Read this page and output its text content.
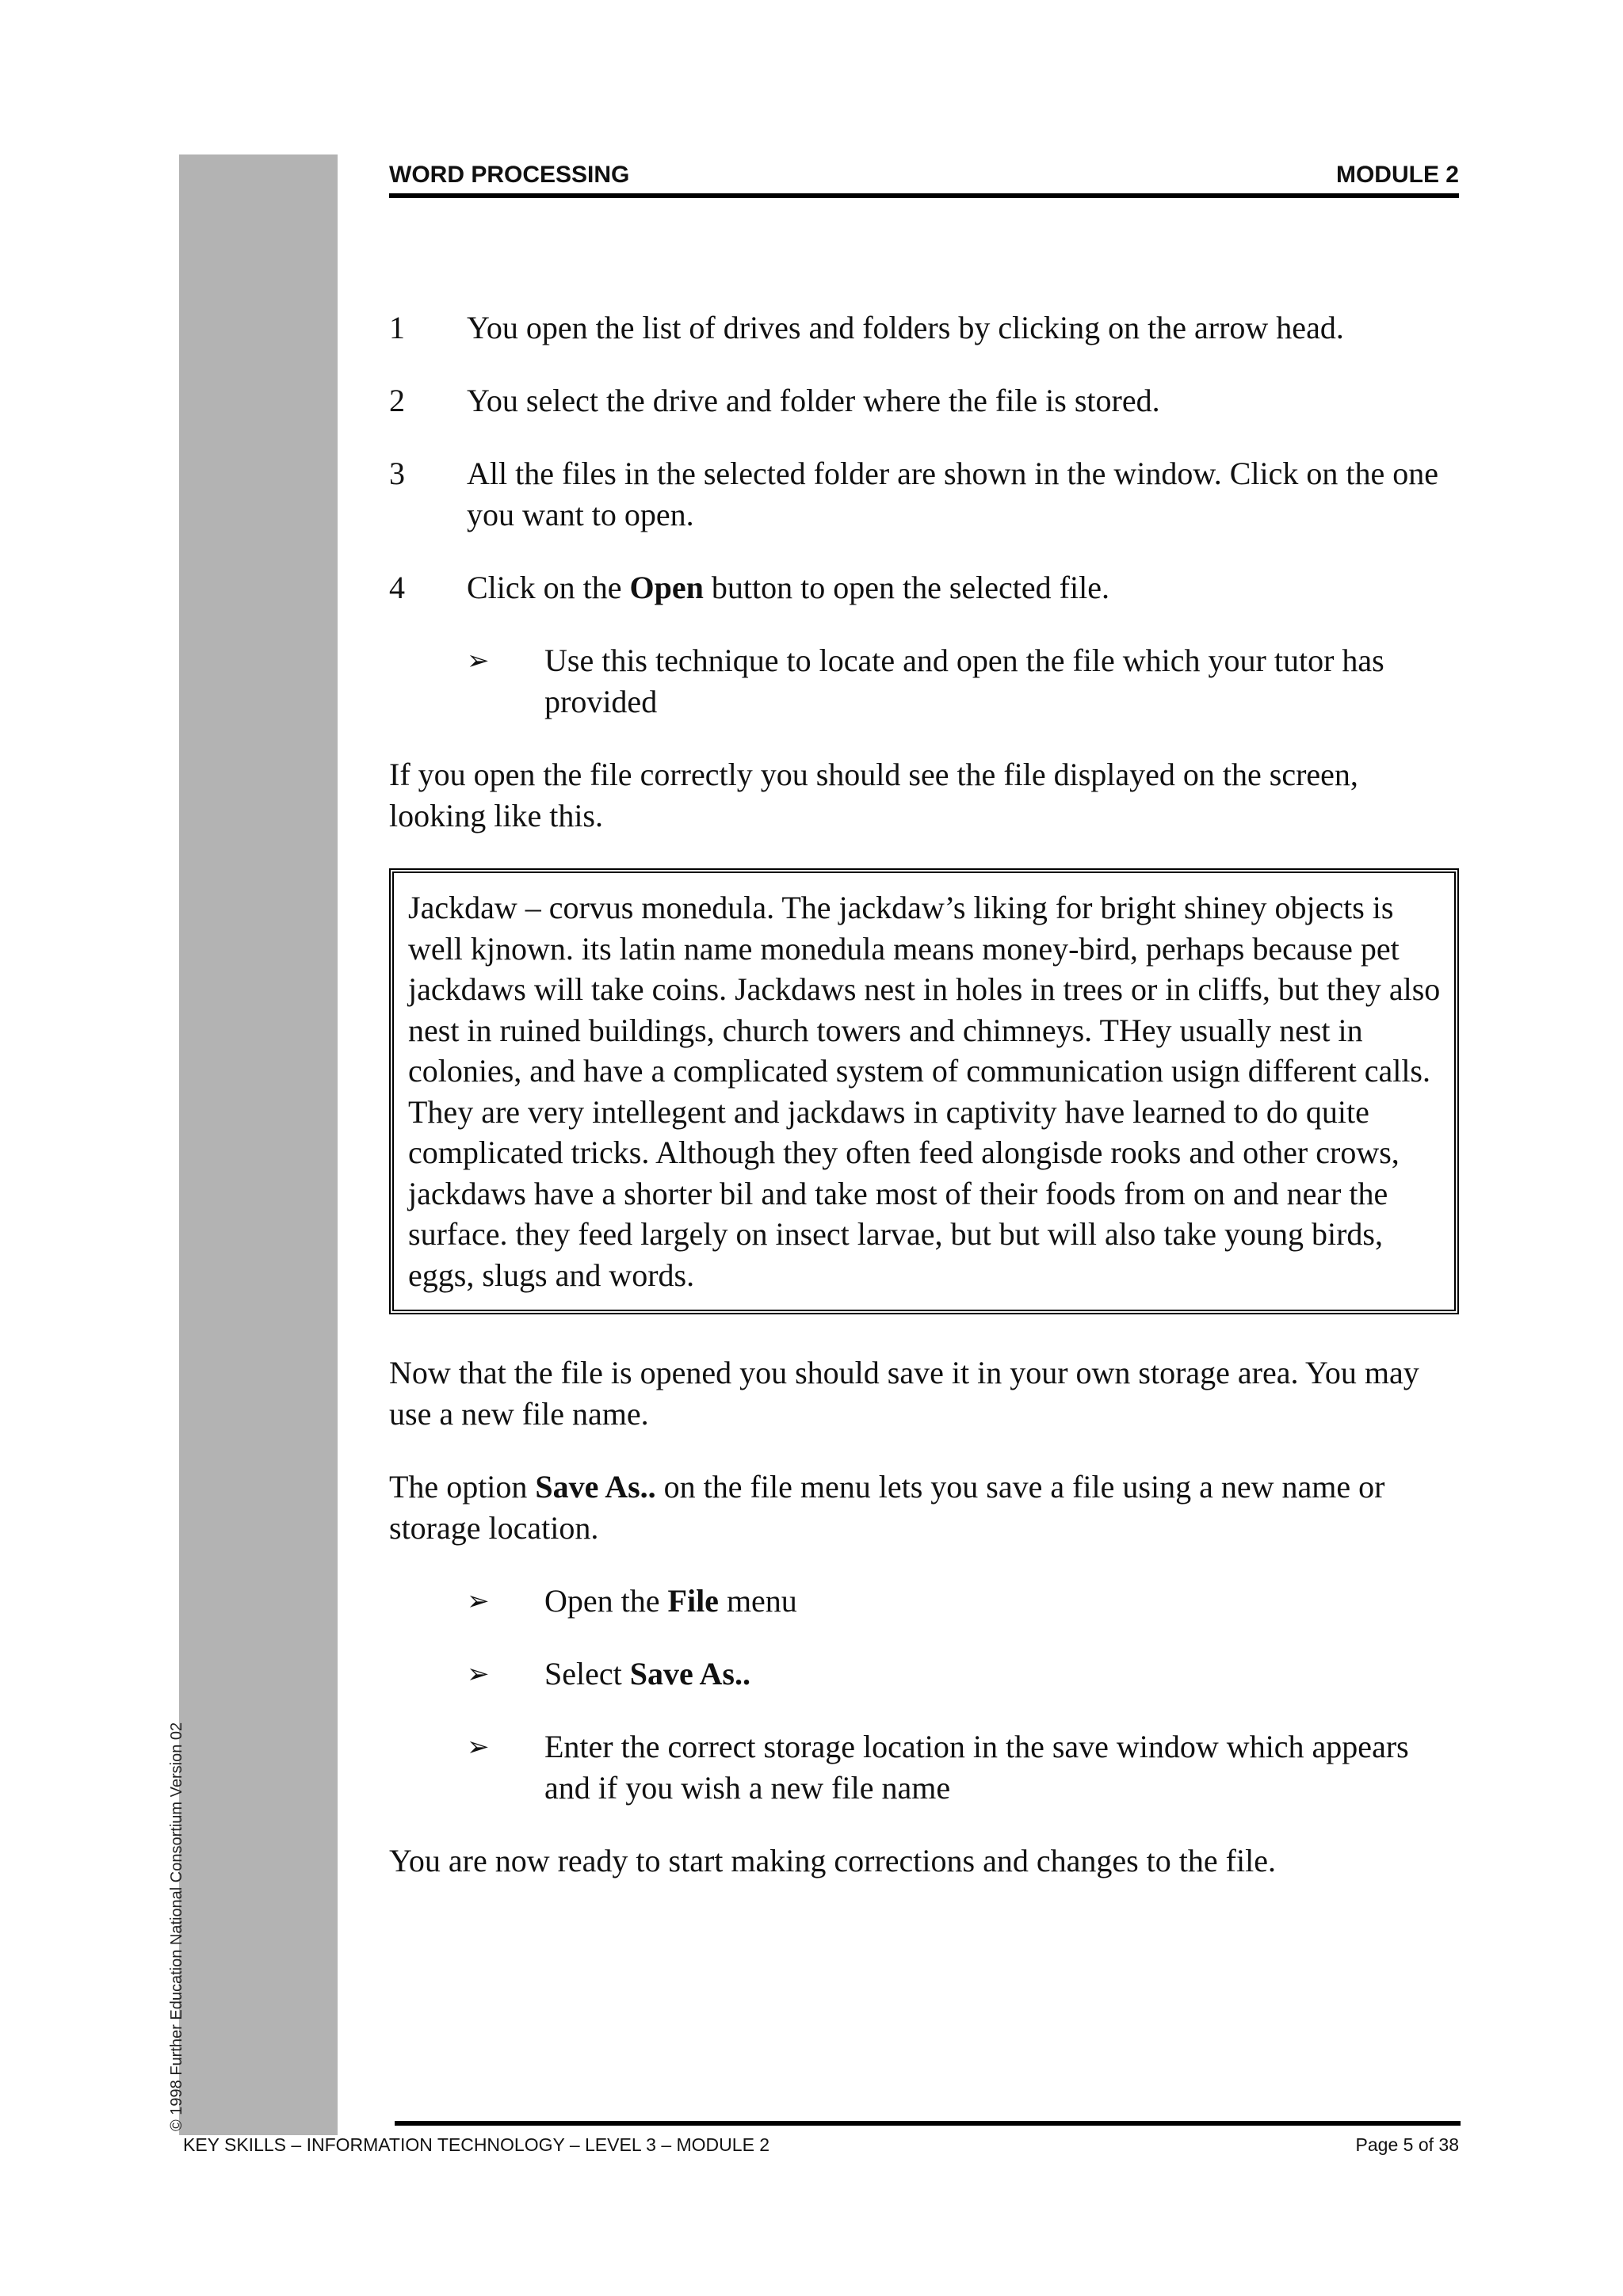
© 1998 Further Education National Consortium Version 02
WORD PROCESSING	MODULE 2
1	You open the list of drives and folders by clicking on the arrow head.
2	You select the drive and folder where the file is stored.
3	All the files in the selected folder are shown in the window. Click on the one you want to open.
4	Click on the Open button to open the selected file.
➢	Use this technique to locate and open the file which your tutor has provided

If you open the file correctly you should see the file displayed on the screen, looking like this.

Jackdaw – corvus monedula. The jackdaw’s liking for bright shiney objects is well kjnown. its latin name monedula means money-bird, perhaps because pet jackdaws will take coins. Jackdaws nest in holes in trees or in cliffs, but they also nest in ruined buildings, church towers and chimneys. THey usually nest in colonies, and have a complicated system of communication usign different calls. They are very intellegent and jackdaws in captivity have learned to do quite complicated tricks. Although they often feed alongisde rooks and other crows, jackdaws have a shorter bil and take most of their foods from on and near the surface. they feed largely on insect larvae, but but will also take young birds, eggs, slugs and words.

Now that the file is opened you should save it in your own storage area. You may use a new file name.

The option Save As.. on the file menu lets you save a file using a new name or storage location.

➢	Open the File menu
➢	Select Save As..
➢	Enter the correct storage location in the save window which appears and if you wish a new file name

You are now ready to start making corrections and changes to the file.

KEY SKILLS – INFORMATION TECHNOLOGY – LEVEL 3 – MODULE 2	Page 5 of 38
